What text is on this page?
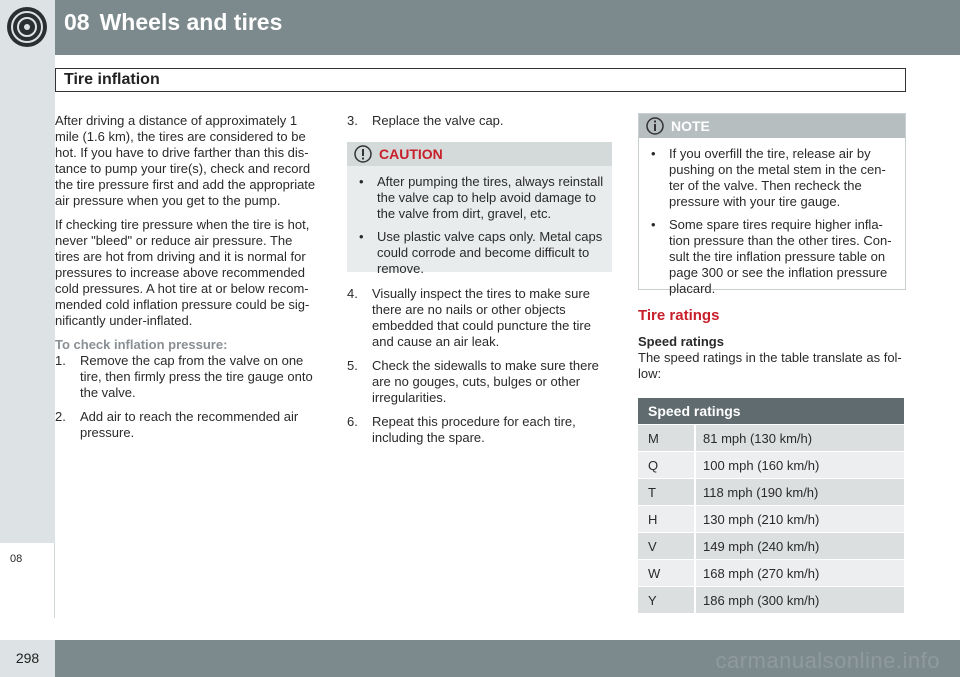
08 Wheels and tires
Tire inflation
08

After driving a distance of approximately 1 mile (1.6 km), the tires are considered to be hot. If you have to drive farther than this dis-tance to pump your tire(s), check and record the tire pressure first and add the appropriate air pressure when you get to the pump.

If checking tire pressure when the tire is hot, never "bleed" or reduce air pressure. The tires are hot from driving and it is normal for pressures to increase above recommended cold pressures. A hot tire at or below recom-mended cold inflation pressure could be sig-nificantly under-inflated.

To check inflation pressure:
1. Remove the cap from the valve on one tire, then firmly press the tire gauge onto the valve.
2. Add air to reach the recommended air pressure.
3. Replace the valve cap.
CAUTION
• After pumping the tires, always reinstall the valve cap to help avoid damage to the valve from dirt, gravel, etc.
• Use plastic valve caps only. Metal caps could corrode and become difficult to remove.
4. Visually inspect the tires to make sure there are no nails or other objects embedded that could puncture the tire and cause an air leak.
5. Check the sidewalls to make sure there are no gouges, cuts, bulges or other irregularities.
6. Repeat this procedure for each tire, including the spare.
NOTE
• If you overfill the tire, release air by pushing on the metal stem in the cen-ter of the valve. Then recheck the pressure with your tire gauge.
• Some spare tires require higher infla-tion pressure than the other tires. Con-sult the tire inflation pressure table on page 300 or see the inflation pressure placard.
Tire ratings
Speed ratings
The speed ratings in the table translate as fol-low:
Speed ratings	
M	81 mph (130 km/h)
Q	100 mph (160 km/h)
T	118 mph (190 km/h)
H	130 mph (210 km/h)
V	149 mph (240 km/h)
W	168 mph (270 km/h)
Y	186 mph (300 km/h)
298	carmanualsonline.info
